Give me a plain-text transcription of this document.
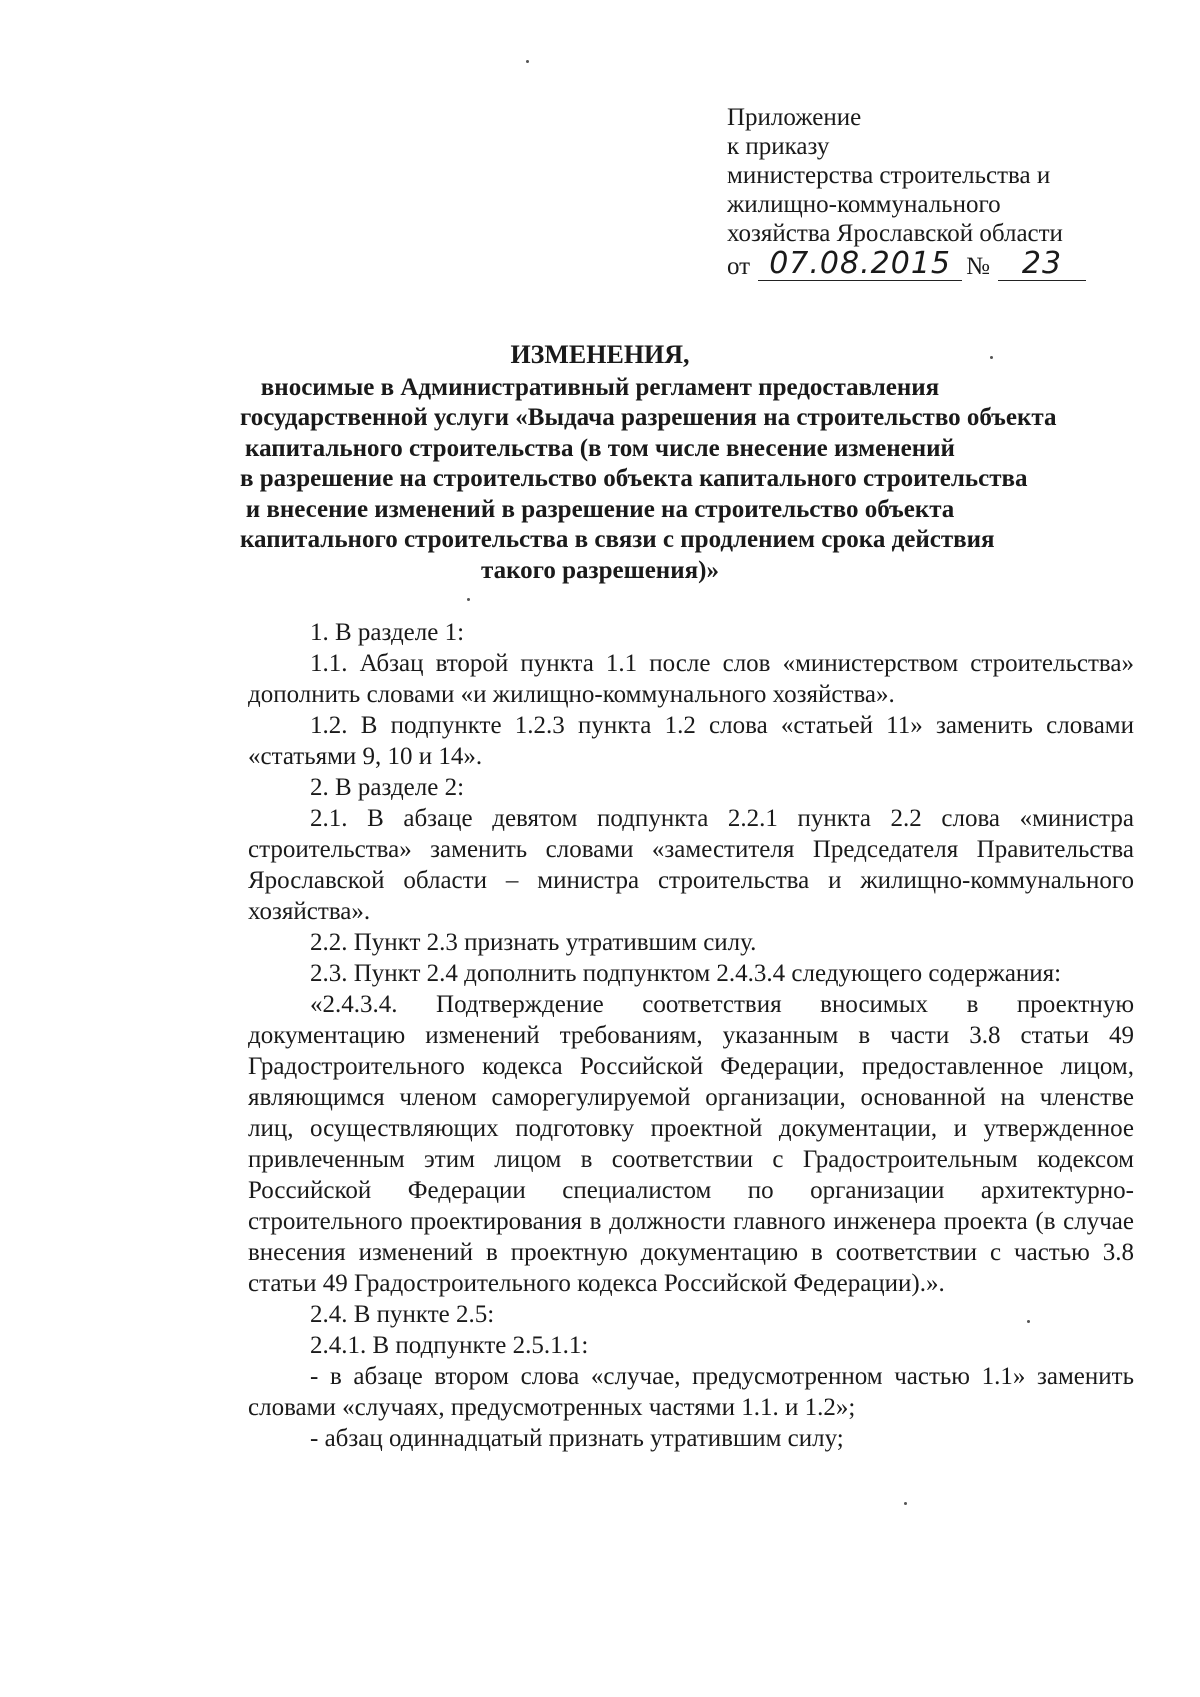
Приложение
к приказу
министерства строительства и
жилищно-коммунального
хозяйства Ярославской области
от 07.08.2015 №	23
ИЗМЕНЕНИЯ,
вносимые в Административный регламент предоставления
государственной услуги «Выдача разрешения на строительство объекта
капитального строительства (в том числе внесение изменений
в разрешение на строительство объекта капитального строительства
и внесение изменений в разрешение на строительство объекта
капитального строительства в связи с продлением срока действия
такого разрешения)»

1. В разделе 1:

1.1. Абзац второй пункта 1.1 после слов «министерством строительства» дополнить словами «и жилищно-коммунального хозяйства».

1.2. В подпункте 1.2.3 пункта 1.2 слова «статьей 11» заменить словами «статьями 9, 10 и 14».

2. В разделе 2:

2.1. В абзаце девятом подпункта 2.2.1 пункта 2.2 слова «министра строительства» заменить словами «заместителя Председателя Правительства Ярославской области – министра строительства и жилищно-коммунального хозяйства».

2.2. Пункт 2.3 признать утратившим силу.

2.3. Пункт 2.4 дополнить подпунктом 2.4.3.4 следующего содержания:

«2.4.3.4. Подтверждение соответствия вносимых в проектную документацию изменений требованиям, указанным в части 3.8 статьи 49 Градостроительного кодекса Российской Федерации, предоставленное лицом, являющимся членом саморегулируемой организации, основанной на членстве лиц, осуществляющих подготовку проектной документации, и утвержденное привлеченным этим лицом в соответствии с Градостроительным кодексом Российской Федерации специалистом по организации архитектурно-строительного проектирования в должности главного инженера проекта (в случае внесения изменений в проектную документацию в соответствии с частью 3.8 статьи 49 Градостроительного кодекса Российской Федерации).».

2.4. В пункте 2.5:

2.4.1. В подпункте 2.5.1.1:

- в абзаце втором слова «случае, предусмотренном частью 1.1» заменить словами «случаях, предусмотренных частями 1.1. и 1.2»;

- абзац одиннадцатый признать утратившим силу;
